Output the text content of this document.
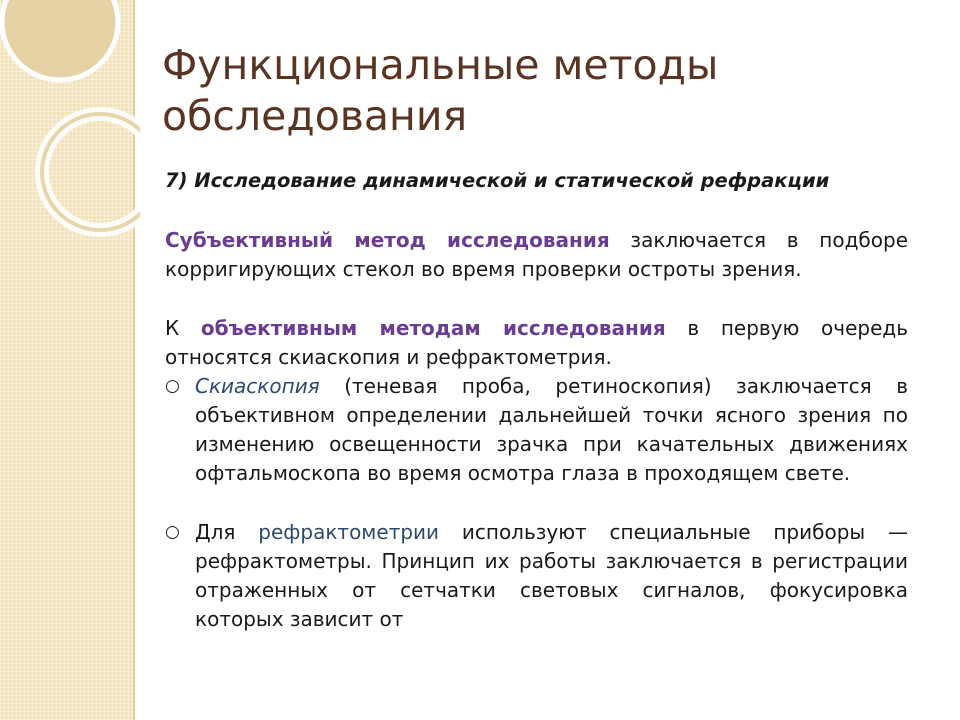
Функциональные методы обследования

7) Исследование динамической и статической рефракции

Субъективный метод исследования заключается в подборе корригирующих стекол во время проверки остроты зрения.

К объективным методам исследования в первую очередь относятся скиаскопия и рефрактометрия.

○ Скиаскопия (теневая проба, ретиноскопия) заключается в объективном определении дальнейшей точки ясного зрения по изменению освещенности зрачка при качательных движениях офтальмоскопа во время осмотра глаза в проходящем свете.

○ Для рефрактометрии используют специальные приборы — рефрактометры. Принцип их работы заключается в регистрации отраженных от сетчатки световых сигналов, фокусировка которых зависит от
